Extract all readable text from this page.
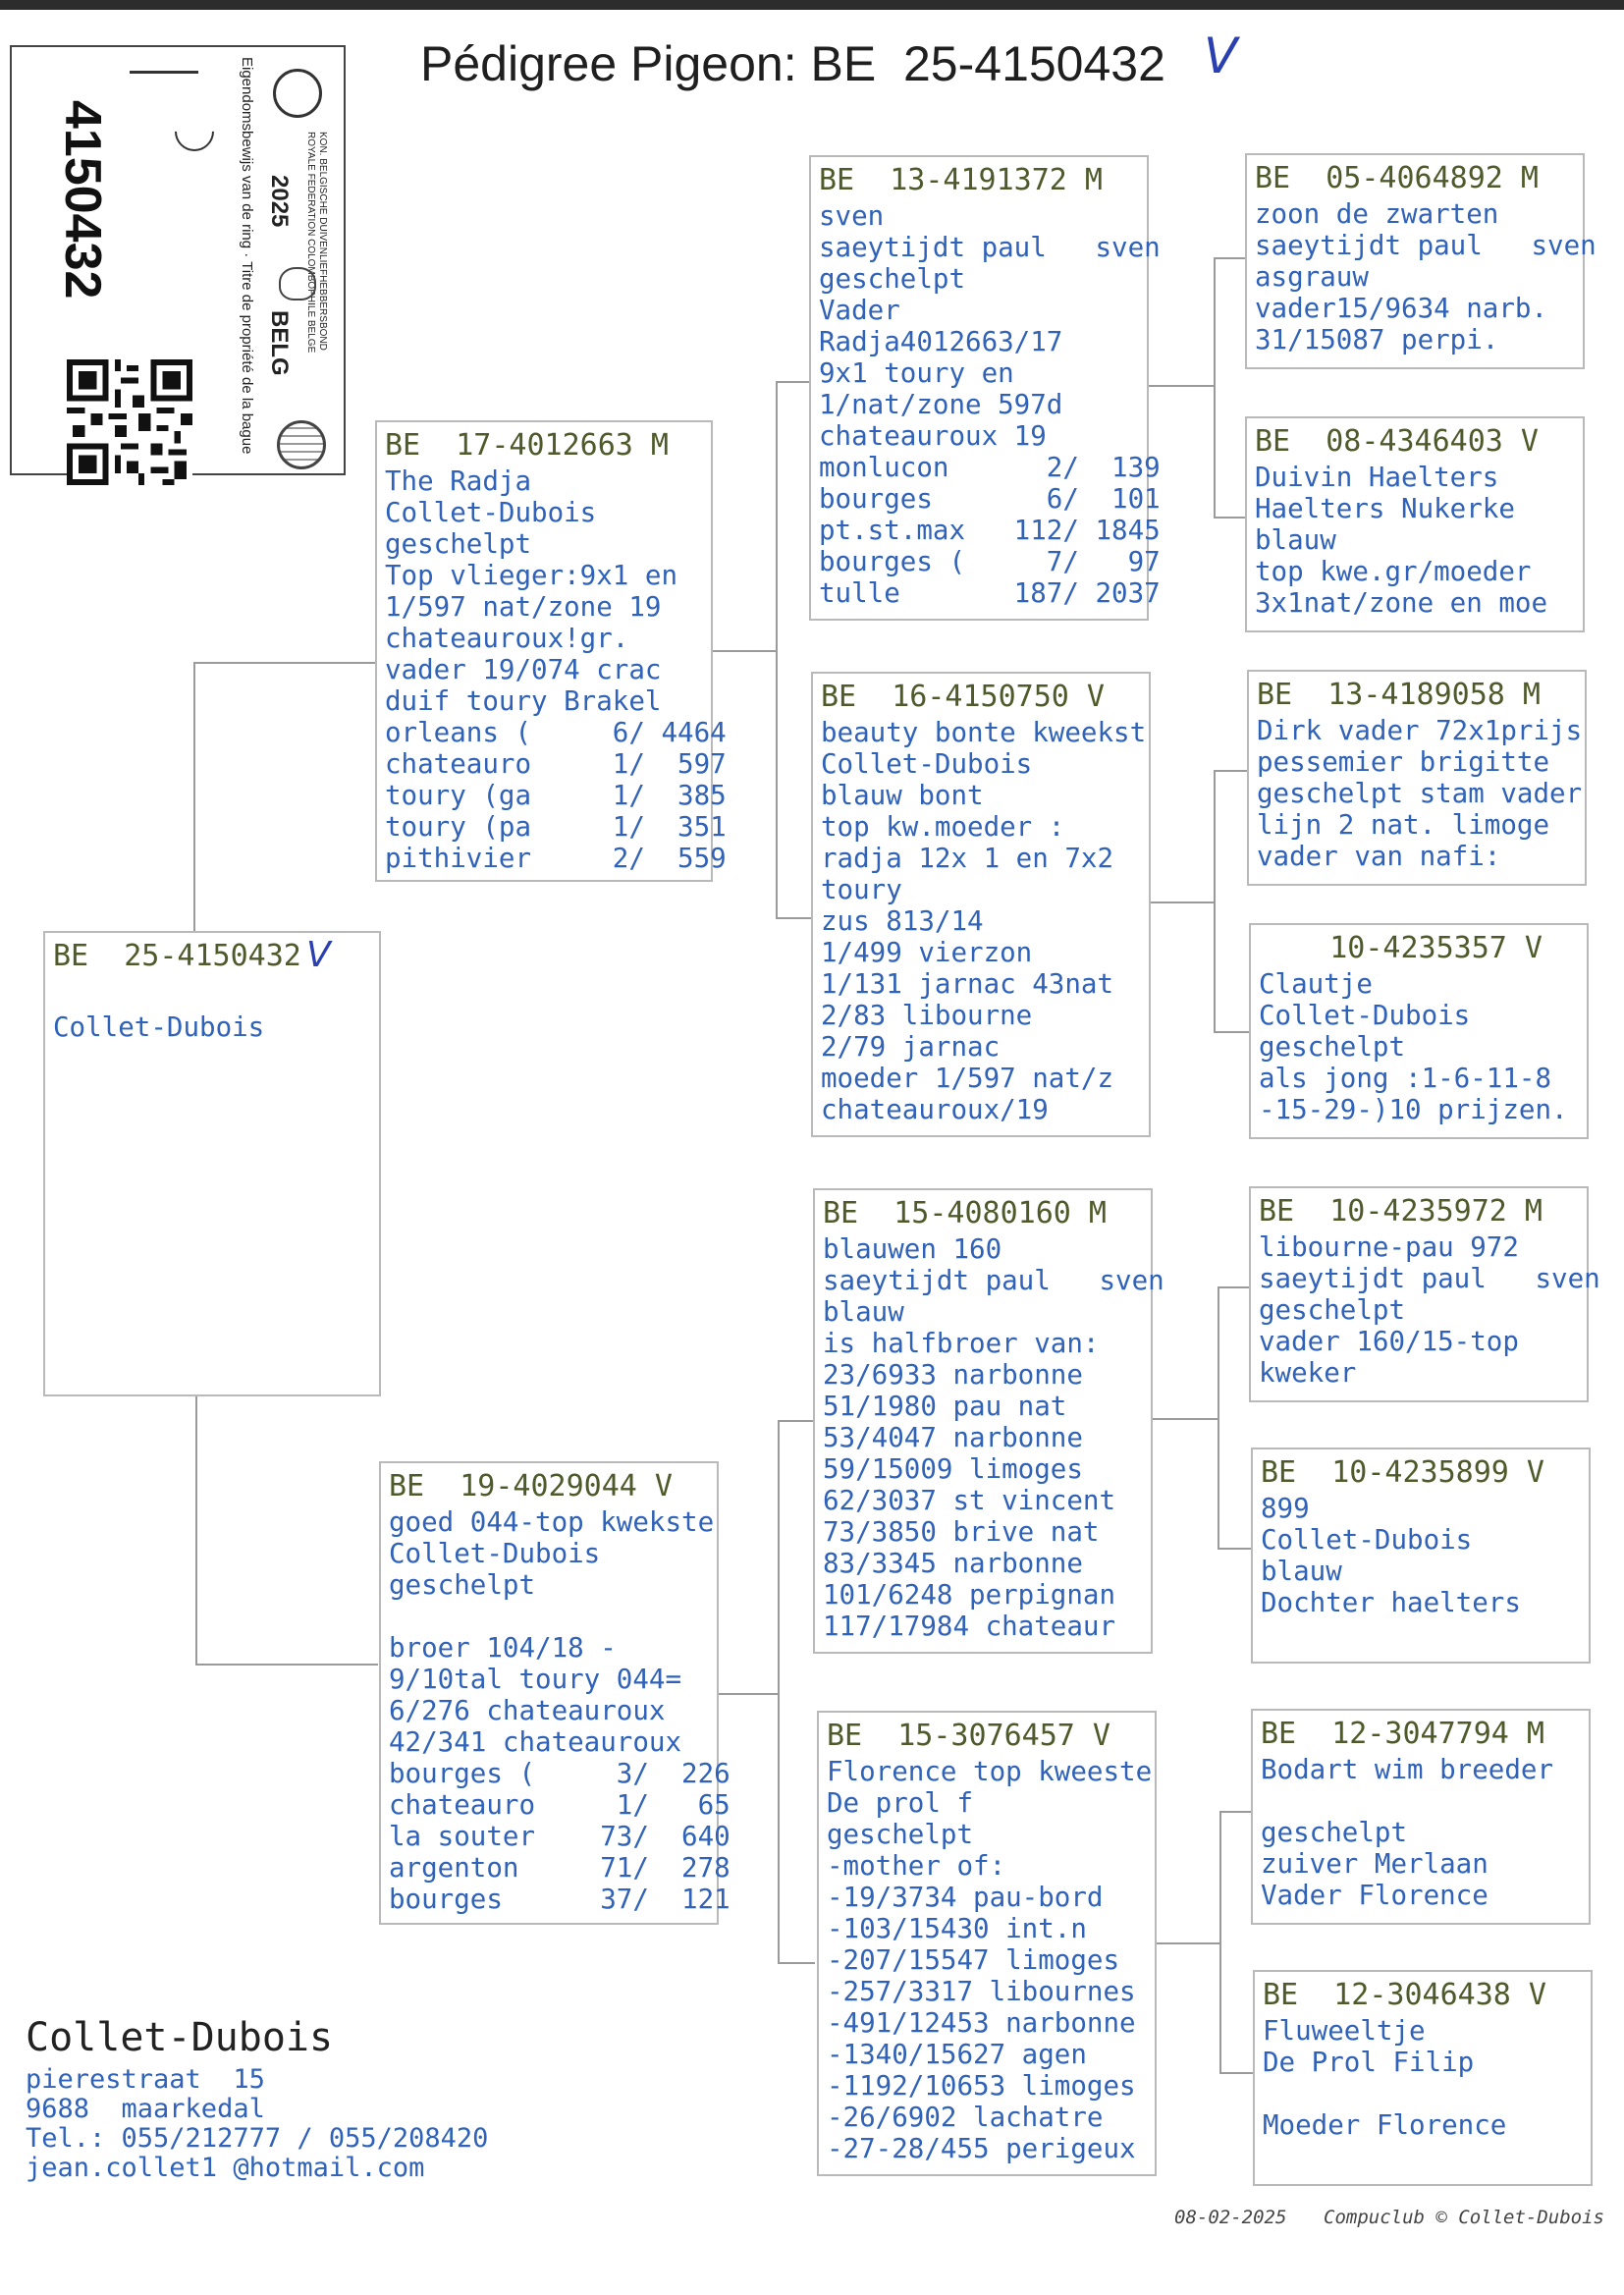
Pédigree Pigeon: BE  25-4150432 V
4150432	Eigendomsbewijs van de ring · Titre de propriété de la bague 2025
BELG	KON. BELGISCHE DUIVENLIEFHEBBERSBOND
ROYALE FEDERATION COLOMBOPHILE BELGE
BE  25-4150432 V
Collet-Dubois
BE  17-4012663 M
The Radja
Collet-Dubois
geschelpt
Top vlieger:9x1 en
1/597 nat/zone 19
chateauroux!gr.
vader 19/074 crac
duif toury Brakel
orleans (     6/ 4464
chateauro     1/  597
toury (ga     1/  385
toury (pa     1/  351
pithivier     2/  559
BE  19-4029044 V
goed 044-top kwekste
Collet-Dubois
geschelpt
broer 104/18 -
9/10tal toury 044=
6/276 chateauroux
42/341 chateauroux
bourges (     3/  226
chateauro     1/   65
la souter    73/  640
argenton     71/  278
bourges      37/  121
BE  13-4191372 M
sven
saeytijdt paul   sven
geschelpt
Vader
Radja4012663/17
9x1 toury en
1/nat/zone 597d
chateauroux 19
monlucon      2/  139
bourges       6/  101
pt.st.max   112/ 1845
bourges (     7/   97
tulle       187/ 2037
BE  16-4150750 V
beauty bonte kweekst
Collet-Dubois
blauw bont
top kw.moeder :
radja 12x 1 en 7x2
toury
zus 813/14
1/499 vierzon
1/131 jarnac 43nat
2/83 libourne
2/79 jarnac
moeder 1/597 nat/z
chateauroux/19
BE  15-4080160 M
blauwen 160
saeytijdt paul   sven
blauw
is halfbroer van:
23/6933 narbonne
51/1980 pau nat
53/4047 narbonne
59/15009 limoges
62/3037 st vincent
73/3850 brive nat
83/3345 narbonne
101/6248 perpignan
117/17984 chateaur
BE  15-3076457 V
Florence top kweeste
De prol f
geschelpt
-mother of:
-19/3734 pau-bord
-103/15430 int.n
-207/15547 limoges
-257/3317 libournes
-491/12453 narbonne
-1340/15627 agen
-1192/10653 limoges
-26/6902 lachatre
-27-28/455 perigeux
BE  05-4064892 M
zoon de zwarten
saeytijdt paul   sven
asgrauw
vader15/9634 narb.
31/15087 perpi.
BE  08-4346403 V
Duivin Haelters
Haelters Nukerke
blauw
top kwe.gr/moeder
3x1nat/zone en moe
BE  13-4189058 M
Dirk vader 72x1prijs
pessemier brigitte
geschelpt stam vader
lijn 2 nat. limoge
vader van nafi:
10-4235357 V
Clautje
Collet-Dubois
geschelpt
als jong :1-6-11-8
-15-29-)10 prijzen.
BE  10-4235972 M
libourne-pau 972
saeytijdt paul   sven
geschelpt
vader 160/15-top
kweker
BE  10-4235899 V
899
Collet-Dubois
blauw
Dochter haelters
BE  12-3047794 M
Bodart wim breeder
geschelpt
zuiver Merlaan
Vader Florence
BE  12-3046438 V
Fluweeltje
De Prol Filip
Moeder Florence
Collet-Dubois
pierestraat  15
9688  maarkedal
Tel.: 055/212777 / 055/208420
jean.collet1 @hotmail.com
08-02-2025 Compuclub © Collet-Dubois
